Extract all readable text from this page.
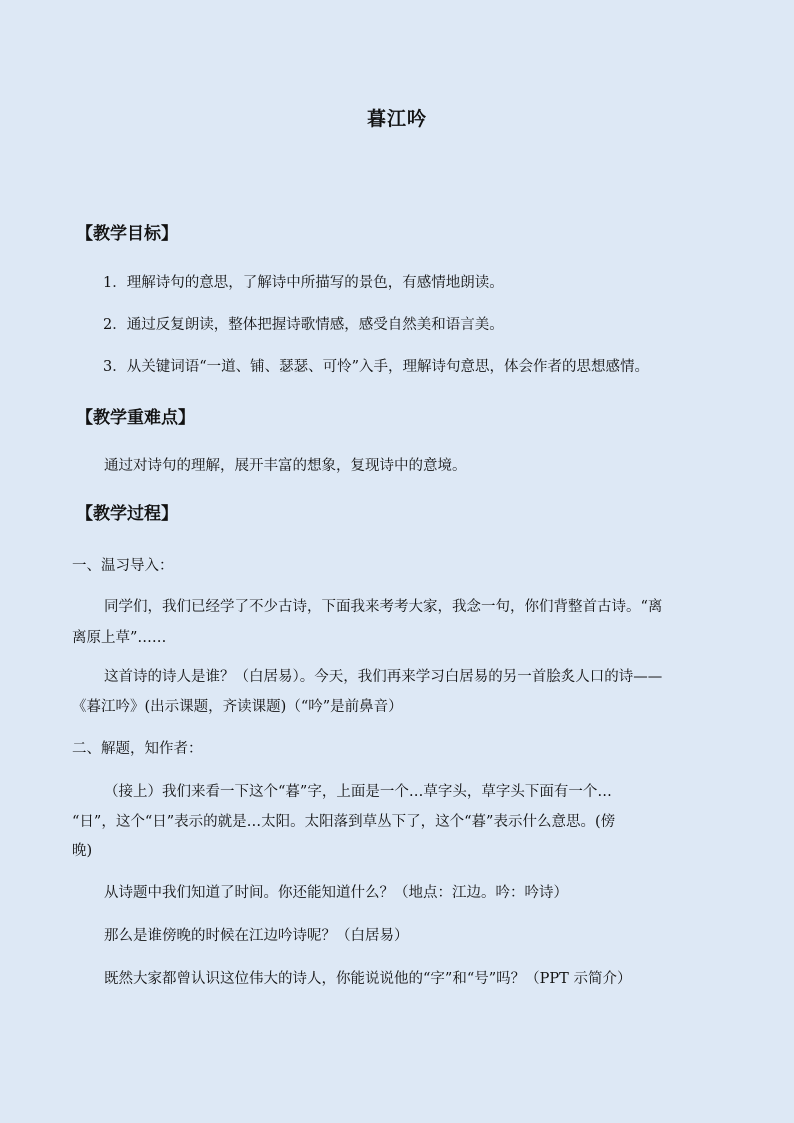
暮江吟
【教学目标】
1．理解诗句的意思，了解诗中所描写的景色，有感情地朗读。
2．通过反复朗读，整体把握诗歌情感，感受自然美和语言美。
3．从关键词语“一道、铺、瑟瑟、可怜”入手，理解诗句意思，体会作者的思想感情。
【教学重难点】
通过对诗句的理解，展开丰富的想象，复现诗中的意境。
【教学过程】
一、温习导入：
同学们，我们已经学了不少古诗，下面我来考考大家，我念一句，你们背整首古诗。“离
离原上草”……
这首诗的诗人是谁？（白居易）。今天，我们再来学习白居易的另一首脍炙人口的诗——
《暮江吟》(出示课题，齐读课题)（“吟”是前鼻音）
二、解题，知作者：
（接上）我们来看一下这个“暮”字，上面是一个…草字头，草字头下面有一个…
“日”，这个“日”表示的就是…太阳。太阳落到草丛下了，这个“暮”表示什么意思。(傍
晚)
从诗题中我们知道了时间。你还能知道什么？（地点：江边。吟：吟诗）
那么是谁傍晚的时候在江边吟诗呢？（白居易）
既然大家都曾认识这位伟大的诗人，你能说说他的“字”和“号”吗？（PPT 示简介）
